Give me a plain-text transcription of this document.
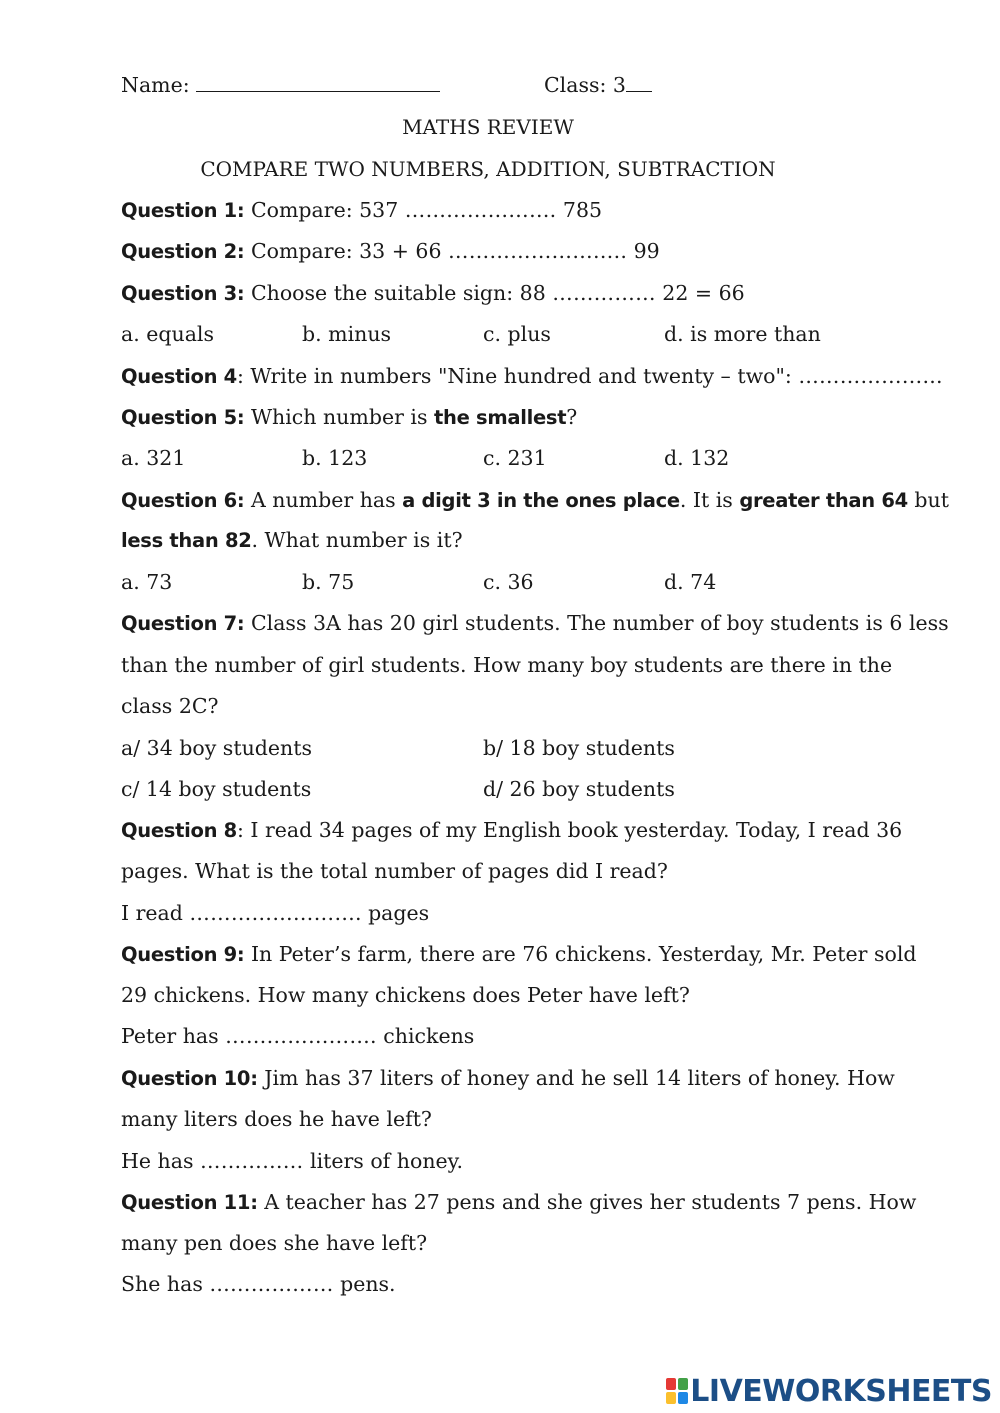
Name:	Class: 3
MATHS REVIEW
COMPARE TWO NUMBERS, ADDITION, SUBTRACTION
Question 1: Compare: 537 …………………. 785
Question 2: Compare: 33 + 66 …………………….. 99
Question 3: Choose the suitable sign: 88 …………… 22 = 66
a. equals	b. minus	c. plus	d. is more than
Question 4: Write in numbers "Nine hundred and twenty – two": ………………...
Question 5: Which number is the smallest?
a. 321	b. 123	c. 231	d. 132
Question 6: A number has a digit 3 in the ones place. It is greater than 64 but
less than 82. What number is it?
a. 73	b. 75	c. 36	d. 74
Question 7: Class 3A has 20 girl students. The number of boy students is 6 less
than the number of girl students. How many boy students are there in the
class 2C?
a/ 34 boy students	b/ 18 boy students
c/ 14 boy students	d/ 26 boy students
Question 8: I read 34 pages of my English book yesterday. Today, I read 36
pages. What is the total number of pages did I read?
I read ……………………. pages
Question 9: In Peter’s farm, there are 76 chickens. Yesterday, Mr. Peter sold
29 chickens. How many chickens does Peter have left?
Peter has …………………. chickens
Question 10: Jim has 37 liters of honey and he sell 14 liters of honey. How
many liters does he have left?
He has …………… liters of honey.
Question 11: A teacher has 27 pens and she gives her students 7 pens. How
many pen does she have left?
She has ……………… pens.
LIVEWORKSHEETS
